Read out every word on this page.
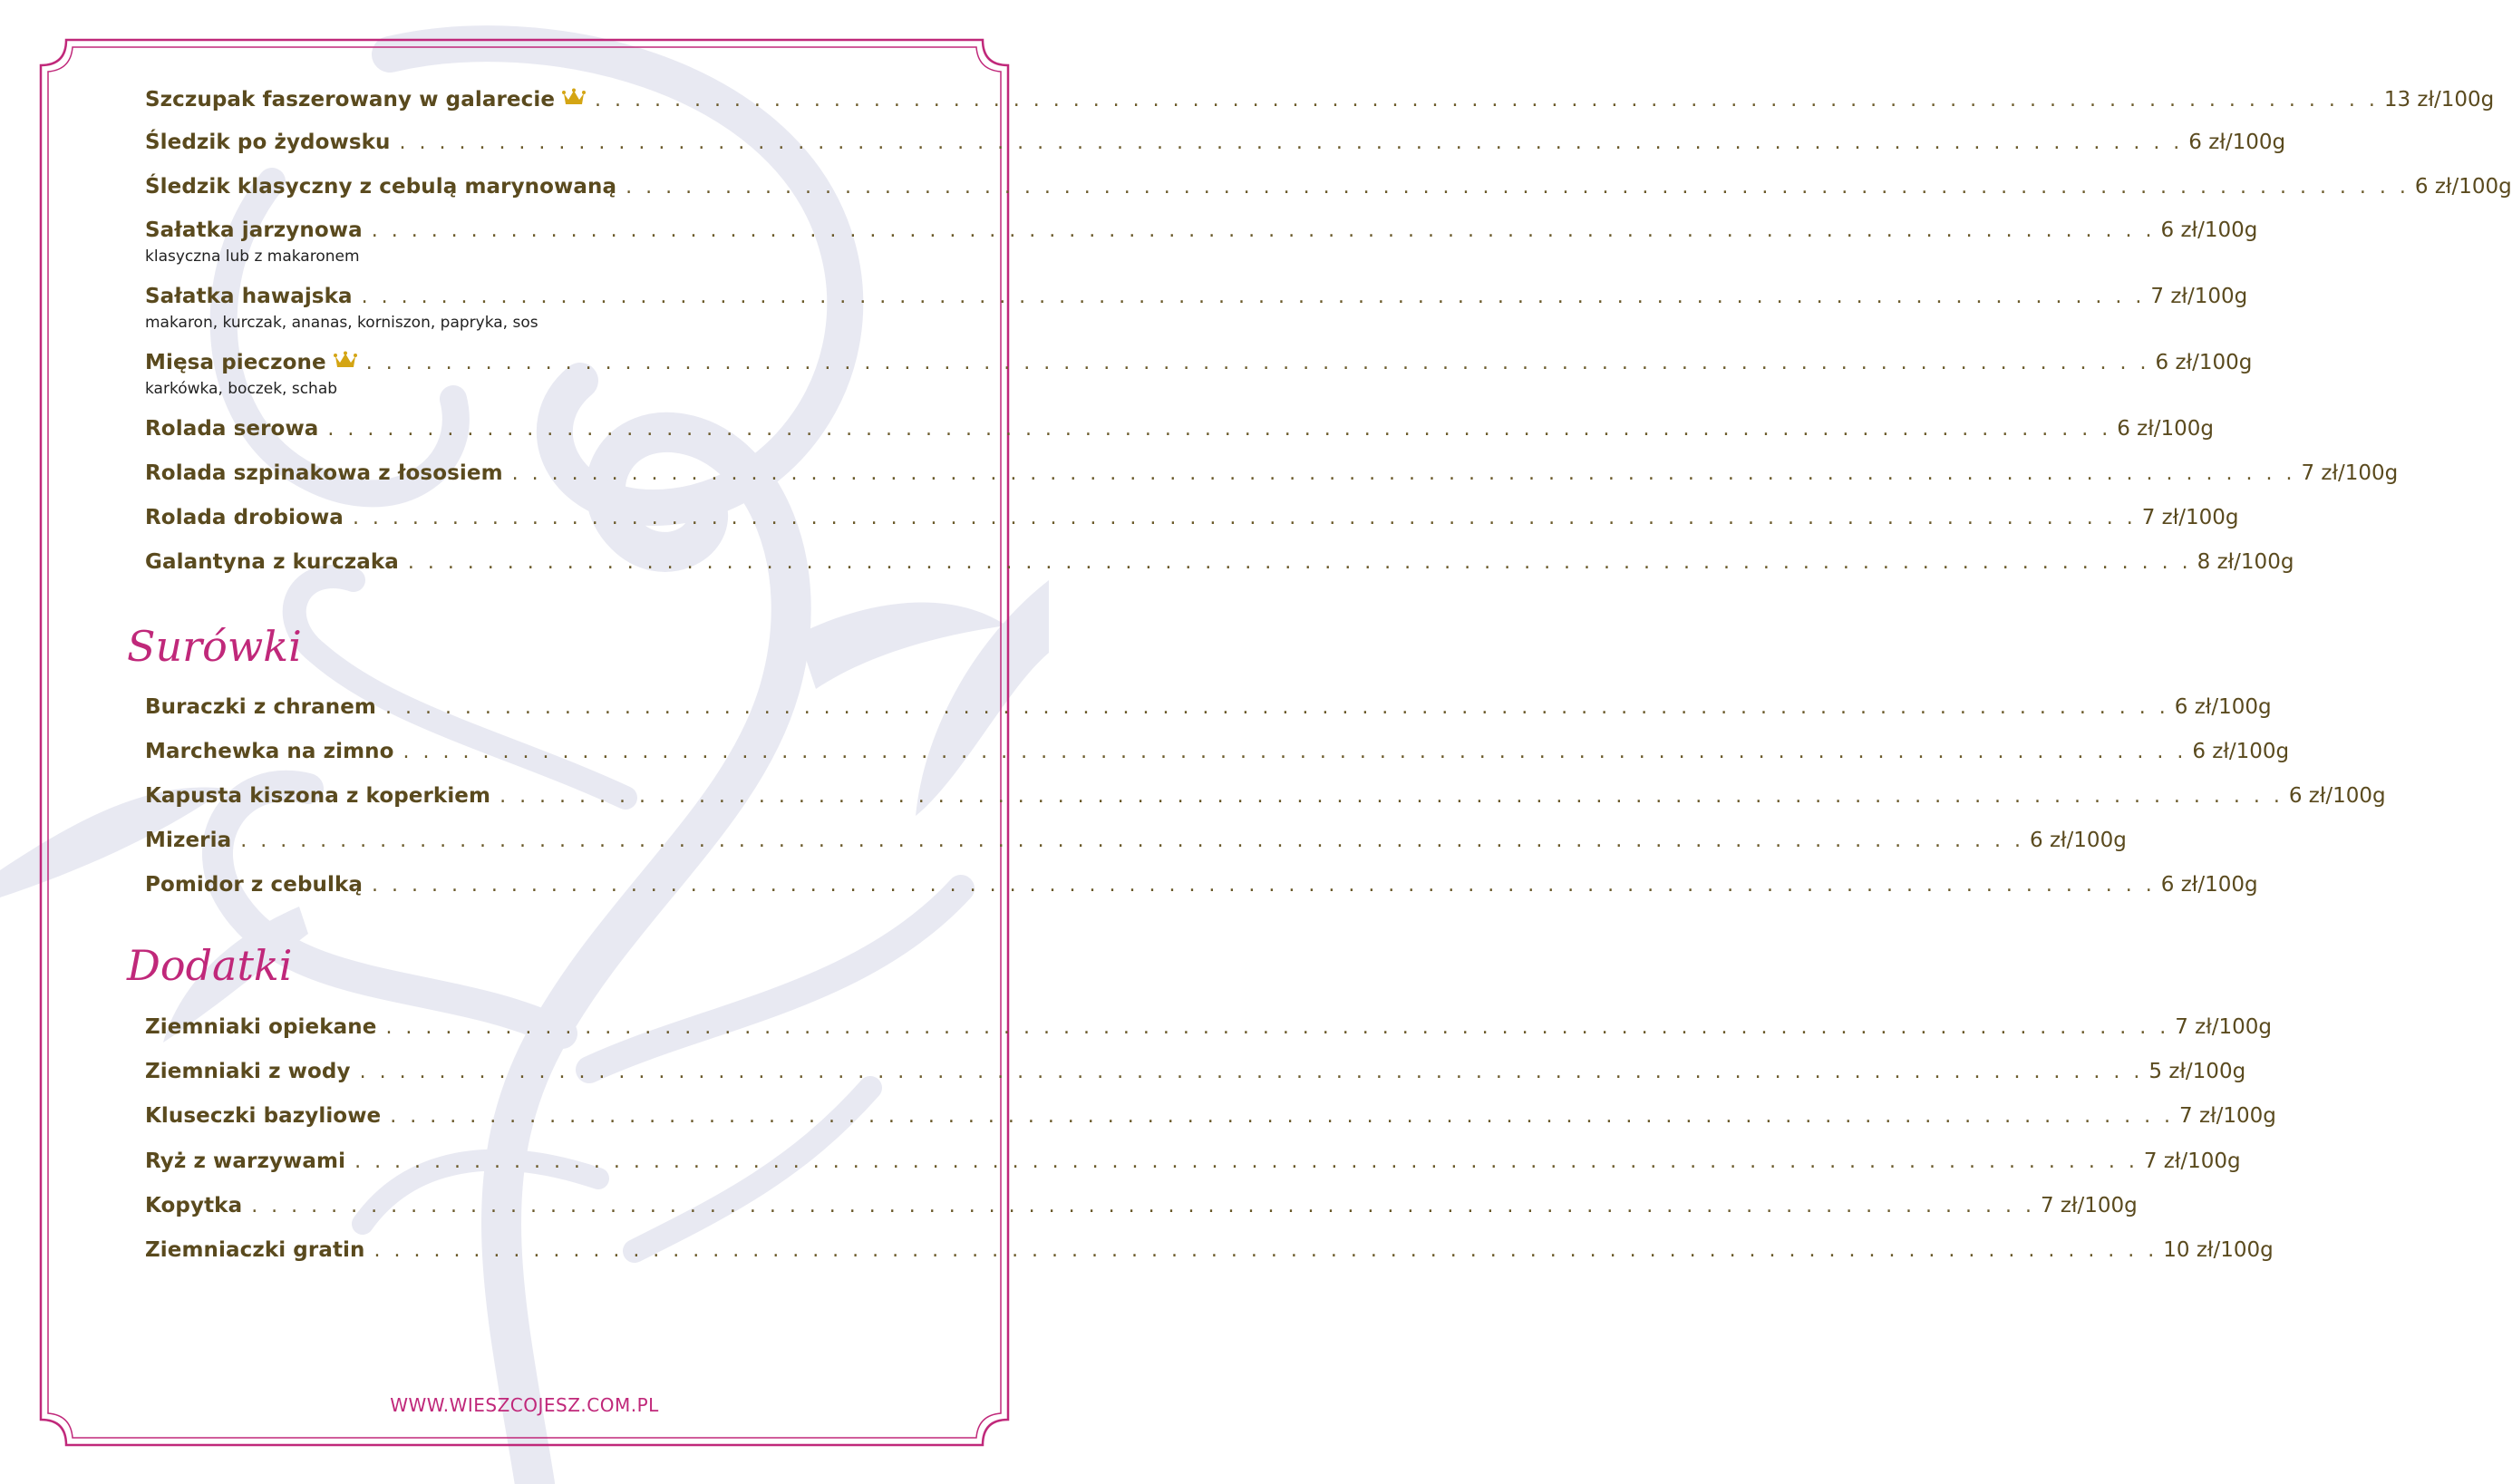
Szczupak faszerowany w galarecie . . . . . . . . . . . . . . . . . . . . . . . . . . . . . . . . . . . . . . . . . . . . . . . . . . . . . . . . . . . . . . . . . . . . . . . . . . . . . . . . . . . . . . . . . . 13 zł/100g
Śledzik po żydowsku . . . . . . . . . . . . . . . . . . . . . . . . . . . . . . . . . . . . . . . . . . . . . . . . . . . . . . . . . . . . . . . . . . . . . . . . . . . . . . . . . . . . . . . . . . 6 zł/100g
Śledzik klasyczny z cebulą marynowaną . . . . . . . . . . . . . . . . . . . . . . . . . . . . . . . . . . . . . . . . . . . . . . . . . . . . . . . . . . . . . . . . . . . . . . . . . . . . . . . . . . . . . . . . . . 6 zł/100g
Sałatka jarzynowa . . . . . . . . . . . . . . . . . . . . . . . . . . . . . . . . . . . . . . . . . . . . . . . . . . . . . . . . . . . . . . . . . . . . . . . . . . . . . . . . . . . . . . . . . . 6 zł/100g
klasyczna lub z makaronem
Sałatka hawajska . . . . . . . . . . . . . . . . . . . . . . . . . . . . . . . . . . . . . . . . . . . . . . . . . . . . . . . . . . . . . . . . . . . . . . . . . . . . . . . . . . . . . . . . . . 7 zł/100g
makaron, kurczak, ananas, korniszon, papryka, sos
Mięsa pieczone . . . . . . . . . . . . . . . . . . . . . . . . . . . . . . . . . . . . . . . . . . . . . . . . . . . . . . . . . . . . . . . . . . . . . . . . . . . . . . . . . . . . . . . . . . 6 zł/100g
karkówka, boczek, schab
Rolada serowa . . . . . . . . . . . . . . . . . . . . . . . . . . . . . . . . . . . . . . . . . . . . . . . . . . . . . . . . . . . . . . . . . . . . . . . . . . . . . . . . . . . . . . . . . . 6 zł/100g
Rolada szpinakowa z łososiem . . . . . . . . . . . . . . . . . . . . . . . . . . . . . . . . . . . . . . . . . . . . . . . . . . . . . . . . . . . . . . . . . . . . . . . . . . . . . . . . . . . . . . . . . . 7 zł/100g
Rolada drobiowa . . . . . . . . . . . . . . . . . . . . . . . . . . . . . . . . . . . . . . . . . . . . . . . . . . . . . . . . . . . . . . . . . . . . . . . . . . . . . . . . . . . . . . . . . . 7 zł/100g
Galantyna z kurczaka . . . . . . . . . . . . . . . . . . . . . . . . . . . . . . . . . . . . . . . . . . . . . . . . . . . . . . . . . . . . . . . . . . . . . . . . . . . . . . . . . . . . . . . . . . 8 zł/100g
Surówki
Buraczki z chranem . . . . . . . . . . . . . . . . . . . . . . . . . . . . . . . . . . . . . . . . . . . . . . . . . . . . . . . . . . . . . . . . . . . . . . . . . . . . . . . . . . . . . . . . . . 6 zł/100g
Marchewka na zimno . . . . . . . . . . . . . . . . . . . . . . . . . . . . . . . . . . . . . . . . . . . . . . . . . . . . . . . . . . . . . . . . . . . . . . . . . . . . . . . . . . . . . . . . . . 6 zł/100g
Kapusta kiszona z koperkiem . . . . . . . . . . . . . . . . . . . . . . . . . . . . . . . . . . . . . . . . . . . . . . . . . . . . . . . . . . . . . . . . . . . . . . . . . . . . . . . . . . . . . . . . . . 6 zł/100g
Mizeria . . . . . . . . . . . . . . . . . . . . . . . . . . . . . . . . . . . . . . . . . . . . . . . . . . . . . . . . . . . . . . . . . . . . . . . . . . . . . . . . . . . . . . . . . . 6 zł/100g
Pomidor z cebulką . . . . . . . . . . . . . . . . . . . . . . . . . . . . . . . . . . . . . . . . . . . . . . . . . . . . . . . . . . . . . . . . . . . . . . . . . . . . . . . . . . . . . . . . . . 6 zł/100g
Dodatki
Ziemniaki opiekane . . . . . . . . . . . . . . . . . . . . . . . . . . . . . . . . . . . . . . . . . . . . . . . . . . . . . . . . . . . . . . . . . . . . . . . . . . . . . . . . . . . . . . . . . . 7 zł/100g
Ziemniaki z wody . . . . . . . . . . . . . . . . . . . . . . . . . . . . . . . . . . . . . . . . . . . . . . . . . . . . . . . . . . . . . . . . . . . . . . . . . . . . . . . . . . . . . . . . . . 5 zł/100g
Kluseczki bazyliowe . . . . . . . . . . . . . . . . . . . . . . . . . . . . . . . . . . . . . . . . . . . . . . . . . . . . . . . . . . . . . . . . . . . . . . . . . . . . . . . . . . . . . . . . . . 7 zł/100g
Ryż z warzywami . . . . . . . . . . . . . . . . . . . . . . . . . . . . . . . . . . . . . . . . . . . . . . . . . . . . . . . . . . . . . . . . . . . . . . . . . . . . . . . . . . . . . . . . . . 7 zł/100g
Kopytka . . . . . . . . . . . . . . . . . . . . . . . . . . . . . . . . . . . . . . . . . . . . . . . . . . . . . . . . . . . . . . . . . . . . . . . . . . . . . . . . . . . . . . . . . . 7 zł/100g
Ziemniaczki gratin . . . . . . . . . . . . . . . . . . . . . . . . . . . . . . . . . . . . . . . . . . . . . . . . . . . . . . . . . . . . . . . . . . . . . . . . . . . . . . . . . . . . . . . . . . 10 zł/100g
WWW.WIESZCOJESZ.COM.PL
